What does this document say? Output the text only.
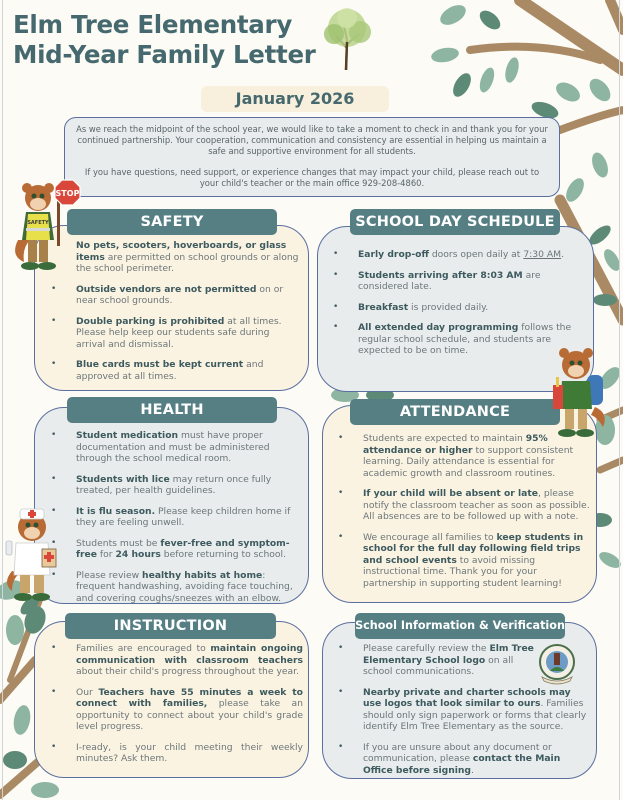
Elm Tree Elementary
Mid-Year Family Letter
January 2026

As we reach the midpoint of the school year, we would like to take a moment to check in and thank you for your continued partnership. Your cooperation, communication and consistency are essential in helping us maintain a safe and supportive environment for all students.

If you have questions, need support, or experience changes that may impact your child, please reach out to your child's teacher or the main office 929-208-4860.

SAFETY
No pets, scooters, hoverboards, or glass items are permitted on school grounds or along the school perimeter.
• Outside vendors are not permitted on or near school grounds.
• Double parking is prohibited at all times. Please help keep our students safe during arrival and dismissal.
• Blue cards must be kept current and approved at all times.
SCHOOL DAY SCHEDULE
• Early drop-off doors open daily at 7:30 AM.
• Students arriving after 8:03 AM are considered late.
• Breakfast is provided daily.
• All extended day programming follows the regular school schedule, and students are expected to be on time.
HEALTH
• Student medication must have proper documentation and must be administered through the school medical room.
• Students with lice may return once fully treated, per health guidelines.
• It is flu season. Please keep children home if they are feeling unwell.
• Students must be fever-free and symptom-free for 24 hours before returning to school.
• Please review healthy habits at home: frequent handwashing, avoiding face touching, and covering coughs/sneezes with an elbow.
ATTENDANCE
• Students are expected to maintain 95% attendance or higher to support consistent learning. Daily attendance is essential for academic growth and classroom routines.
• If your child will be absent or late, please notify the classroom teacher as soon as possible. All absences are to be followed up with a note.
• We encourage all families to keep students in school for the full day following field trips and school events to avoid missing instructional time. Thank you for your partnership in supporting student learning!
INSTRUCTION
• Families are encouraged to maintain ongoing communication with classroom teachers about their child's progress throughout the year.
• Our Teachers have 55 minutes a week to connect with families, please take an opportunity to connect about your child's grade level progress.
• I-ready, is your child meeting their weekly minutes? Ask them.
School Information & Verification
• Please carefully review the Elm Tree Elementary School logo on all school communications.
• Nearby private and charter schools may use logos that look similar to ours. Families should only sign paperwork or forms that clearly identify Elm Tree Elementary as the source.
• If you are unsure about any document or communication, please contact the Main Office before signing.
STOP
SAFETY
